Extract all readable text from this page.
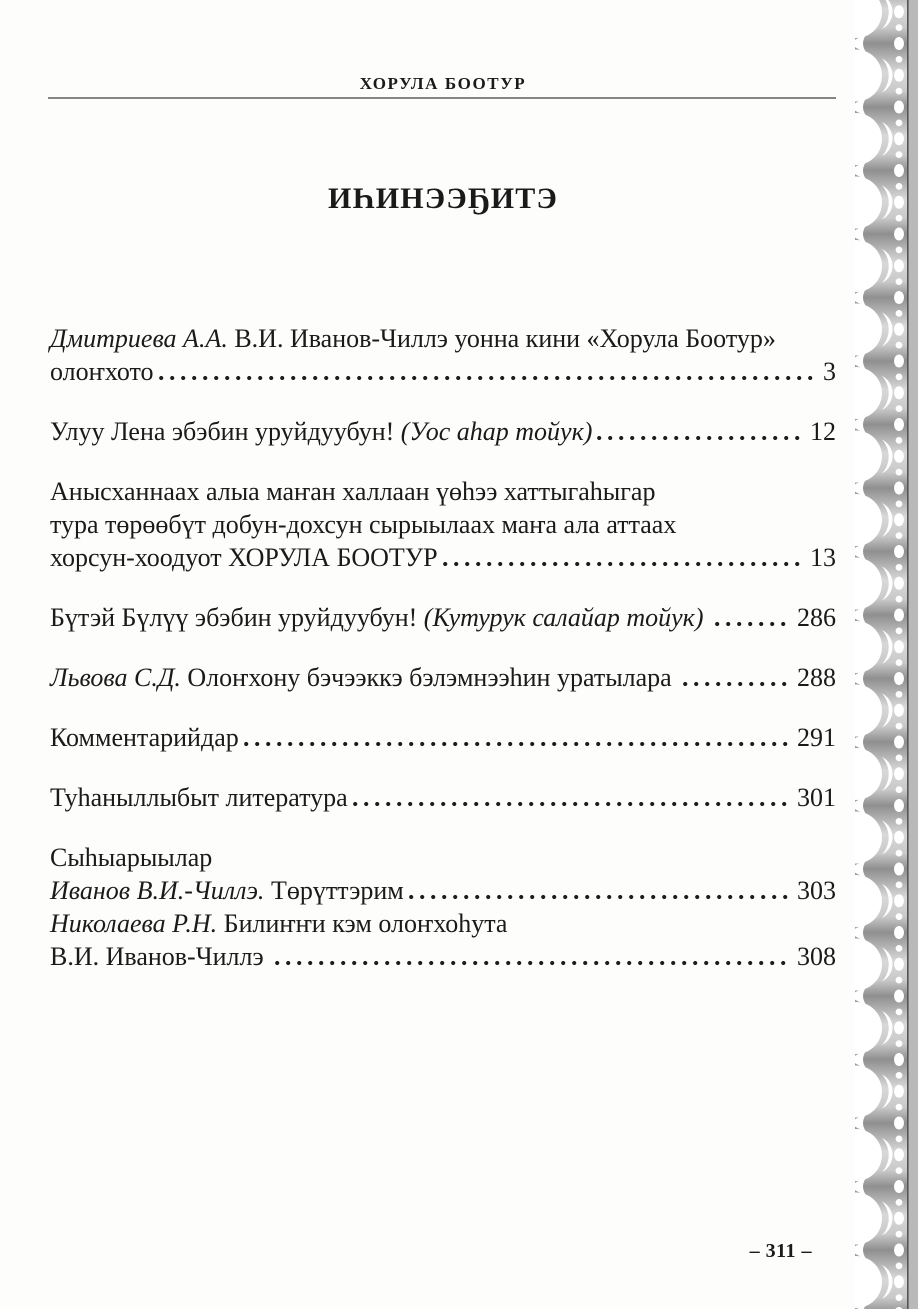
ХОРУЛА БООТУР
ИҺИНЭЭҔИТЭ
Дмитриева А.А. В.И. Иванов-Чиллэ уонна кини «Хорула Боотур»
олоҥхото	3
Улуу Лена эбэбин уруйдуубун! (Уос аһар тойук)	12
Анысханнаах алыа маҥан халлаан үөһээ хаттыгаһыгар
тура төрөөбүт добун-дохсун сырыылаах маҥа ала аттаах
хорсун-хоодуот ХОРУЛА БООТУР	13
Бүтэй Бүлүү эбэбин уруйдуубун! (Кутурук салайар тойук)	286
Львова С.Д. Олоҥхону бэчээккэ бэлэмнээһин уратылара	288
Комментарийдар	291
Туһаныллыбыт литература	301
Сыһыарыылар
Иванов В.И.-Чиллэ. Төрүттэрим	303
Николаева Р.Н. Билиҥҥи кэм олоҥхоһута
В.И. Иванов-Чиллэ	308
– 311 –
